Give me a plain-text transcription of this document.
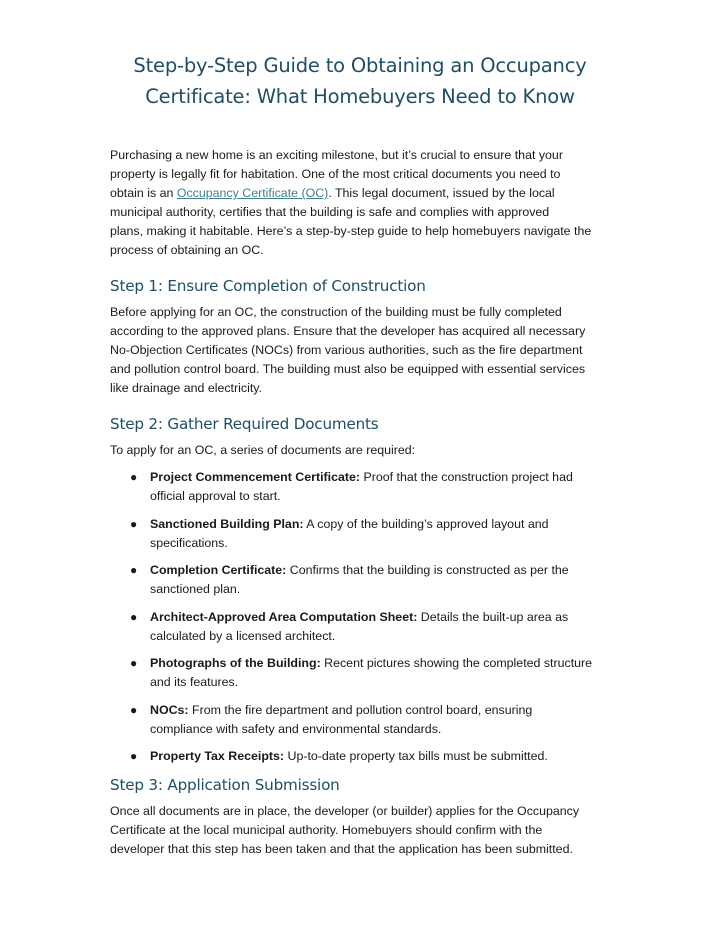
Step-by-Step Guide to Obtaining an Occupancy
Certificate: What Homebuyers Need to Know

Purchasing a new home is an exciting milestone, but it’s crucial to ensure that your
property is legally fit for habitation. One of the most critical documents you need to
obtain is an Occupancy Certificate (OC). This legal document, issued by the local
municipal authority, certifies that the building is safe and complies with approved
plans, making it habitable. Here’s a step-by-step guide to help homebuyers navigate the
process of obtaining an OC.

Step 1: Ensure Completion of Construction

Before applying for an OC, the construction of the building must be fully completed
according to the approved plans. Ensure that the developer has acquired all necessary
No-Objection Certificates (NOCs) from various authorities, such as the fire department
and pollution control board. The building must also be equipped with essential services
like drainage and electricity.

Step 2: Gather Required Documents

To apply for an OC, a series of documents are required:

● Project Commencement Certificate: Proof that the construction project had
official approval to start.
● Sanctioned Building Plan: A copy of the building’s approved layout and
specifications.
● Completion Certificate: Confirms that the building is constructed as per the
sanctioned plan.
● Architect-Approved Area Computation Sheet: Details the built-up area as
calculated by a licensed architect.
● Photographs of the Building: Recent pictures showing the completed structure
and its features.
● NOCs: From the fire department and pollution control board, ensuring
compliance with safety and environmental standards.
● Property Tax Receipts: Up-to-date property tax bills must be submitted.
Step 3: Application Submission

Once all documents are in place, the developer (or builder) applies for the Occupancy
Certificate at the local municipal authority. Homebuyers should confirm with the
developer that this step has been taken and that the application has been submitted.
